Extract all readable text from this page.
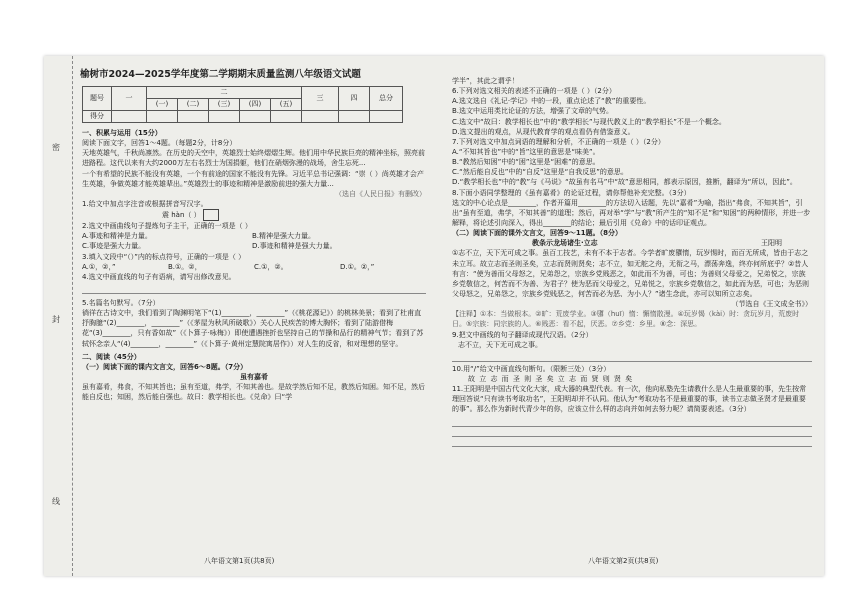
密
封
线
榆树市2024—2025学年度第二学期期末质量监测八年级语文试题
题号	一	二					三	四	总分
		(一)	(二)	(三)	(四)	(五)			
得分									
一、积累与运用（15分）
阅读下面文字，回答1～4题。（每题2分，计8分）

天地英雄气，千秋尚凛然。在历史的天空中，英雄烈士始终熠熠生辉。他们用中华民族巨亮的精神坐标，照亮前进路程。这代以来有大约2000万左右名烈士为国捐躯，他们在硝烟弥漫的战场，舍生忘死...

一个有希望的民族不能没有英雄，一个有前途的国家不能没有先锋。习近平总书记强调：“崇（ ）尚英雄才会产生英雄，争做英雄才能英雄辈出。”英雄烈士的事迹和精神是激励前进的强大力量...

（选自《人民日报》有删改）
1.给文中加点字注音或根据拼音写汉字。
震 hàn（ ）
2.选文中画曲线句子提炼句子主干，正确的一项是（ ）
A.事迹和精神是力量。	B.精神是强大力量。
C.事迹是强大力量。	D.事迹和精神是强大力量。
3.填入文段中“（）”内的标点符号，正确的一项是（ ）
A.①，②，”	B.①。②，	C.①，②。	D.①。②，”
4.选文中画直线的句子有语病，请写出修改意见。
5.名篇名句默写。（7分）

徜徉在古诗文中，我们看到了陶渊明笔下“(1)________，________”（《桃花源记》）的桃林美景；看到了杜甫直抒胸臆“(2)________，________”（《茅屋为秋风所破歌》）关心人民疾苦的博大胸怀；看到了陆游借梅花“(3)________，只有香如故”（《卜算子·咏梅》）即使遭遇挫折也坚持自己的节操和品行的精神气节；看到了苏轼怀念亲人“(4)________，________”（《卜算子·黄州定慧院寓居作》）对人生的反省，和对理想的坚守。

二、阅读（45分）
（一）阅读下面的课内文言文，回答6～8题。（7分）
虽有嘉肴

虽有嘉肴，弗食，不知其旨也；虽有至道，弗学，不知其善也。是故学然后知不足，教然后知困。知不足，然后能自反也；知困，然后能自强也。故曰：教学相长也。《兑命》曰“学

八年语文第1页(共8页)
学半”，其此之谓乎！
6.下列对选文相关的表述不正确的一项是（ ）（2分）
A.选文选自《礼记·学记》中的一段，重点论述了“教”的重要性。
B.选文中运用类比论证的方法，增强了文章的气势。
C.选文中“故曰：教学相长也”中的“教学相长”与现代教义上的“教学相长”不是一个概念。
D.选文提出的观点，从现代教育学的观点看仍有借鉴意义。
7.下列对选文中加点词语的理解和分析，不正确的一项是（ ）（2分）
A.“不知其旨也”中的“旨”这里的意思是“味美”。
B.“教然后知困”中的“困”这里是“困难”的意思。
C.“然后能自反也”中的“自反”这里是“自我反思”的意思。
D.“教学相长也”中的“教”与《马说》“故虽有名马”中“故”意思相同，都表示原因，推断，翻译为“所以，因此”。
8.下面小语同学整理的《虽有嘉肴》的论证过程，请你帮他补充完整。（3分）

选文的中心论点是________，作者开篇用________的方法切入话题，先以“嘉肴”为喻，指出“弗食，不知其旨”，引出“虽有至道，弗学，不知其善”的道理；然后，再对举“学”与“教”所产生的“知不足”和“知困”的两种情形，并进一步解释，将论述引向深入，得出________的结论；最后引用《兑命》中的话印证观点。

（二）阅读下面的课外文言文，回答9～11题。（8分）
教条示龙场诸生·立志	王阳明

①志不立，天下无可成之事。虽百工技艺，未有不本于志者。今学者旷废隳惰，玩岁惕时，而百无所成，皆由于志之未立耳。故立志而圣则圣矣，立志而贤则贤矣；志不立，如无舵之舟，无衔之马，漂荡奔逸，终亦何所底乎？②昔人有言：“使为善而父母怒之，兄弟怨之，宗族乡党贱恶之，如此而不为善，可也；为善则父母爱之，兄弟悦之，宗族乡党敬信之，何苦而不为善、为君子？使为恶而父母爱之，兄弟悦之，宗族乡党敬信之，如此而为恶，可也；为恶则父母怒之，兄弟怨之，宗族乡党贱恶之，何苦而必为恶、为小人？”诸生念此，亦可以知所立志矣。

（节选自《王文成全书》）

【注释】①本：当做根本。②旷：荒废学业。③隳（huī）惰：懈惰散漫。④玩岁愒（kài）时：贪玩岁月，荒废时日。⑤宗族：同宗族的人。⑥贱恶：看不起，厌恶。⑦乡党：乡里。⑧念：深思。

9.把文中画线的句子翻译成现代汉语。（2分）
志不立，天下无可成之事。
10.用“/”给文中画直线句断句。（限断三处）（3分）
故 立 志 而 圣 则 圣 矣 立 志 而 贤 则 贤 矣
11.王阳明是中国古代文化大家，成大器的典型代表。有一次，他向私塾先生请教什么是人生最重要的事，先生按常理回答说“只有读书考取功名”，王阳明却并不认同。他认为“考取功名不是最重要的事，读书立志做圣贤才是最重要的事”。那么作为新时代青少年的你，应该立什么样的志向并如何去努力呢？请简要表述。（3分）
八年语文第2页(共8页)
